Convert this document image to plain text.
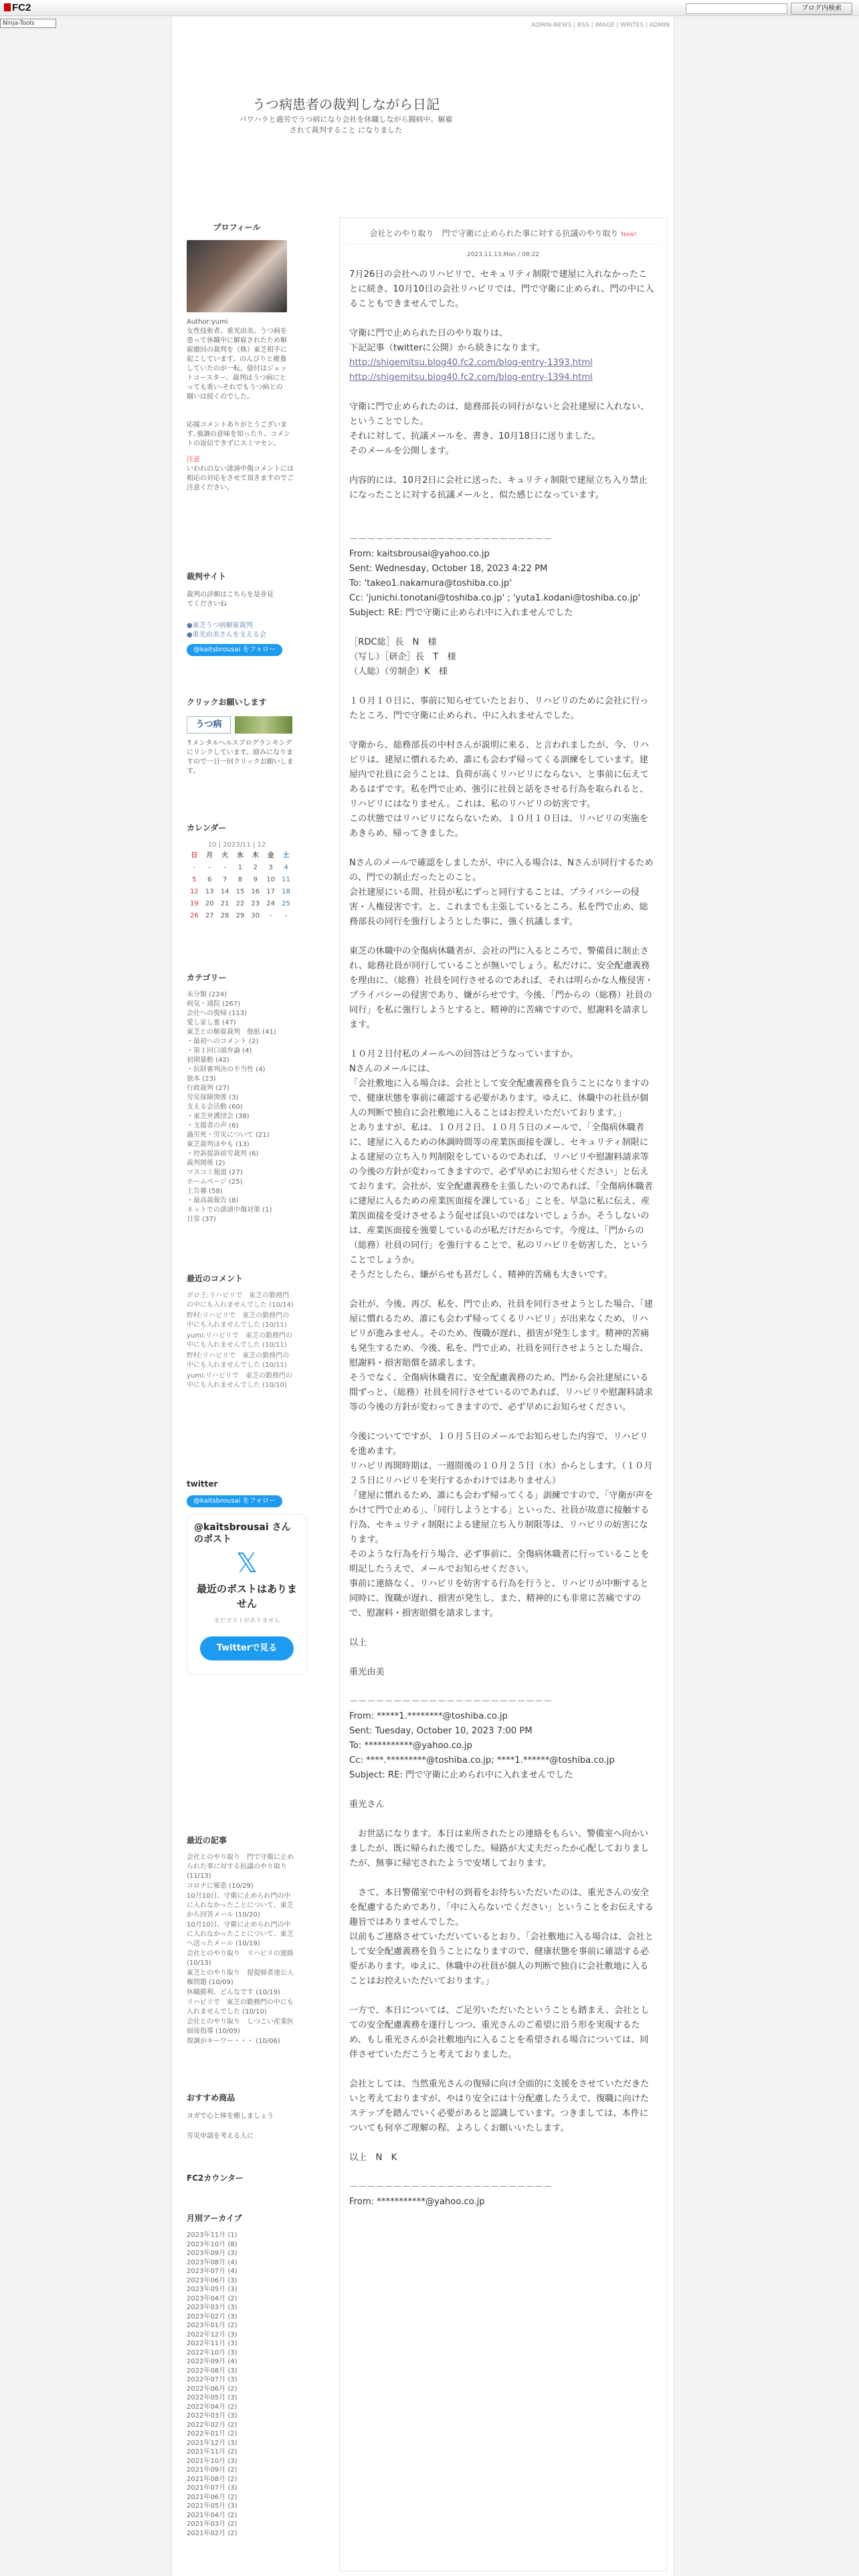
FC2	ブログ内検索
Ninja-Tools	ADMIN-NEWS | RSS | IMAGE | WRITES | ADMIN
うつ病患者の裁判しながら日記
パワハラと過労でうつ病になり会社を休職しながら闘病中。解雇されて裁判すること になりました
プロフィール
Author:yumi
女性技術者。重光由美。うつ病を患って休職中に解雇されたため解雇撤回の裁判を（株）東芝相手に起こしています。のんびりと療養していたのが一転、億付はジェットコースター。裁判はうつ病にとっても重い-それでもうつ病との闘いは続くのでした。
応援コメントありがとうございます｡強調の意味を知ったり、コメントの返信できずにスミマセン。
注意
いわれのない誹謗中傷コメントには相応の対応をさせて頂きますのでご注意ください。
裁判サイト
裁判の詳細はこちらを是非見てくださいね
●東芝うつ病解雇裁判
●重光由美さんを支える会
@kaitsbrousai をフォロー
クリックお願いします
うつ病
↑メンタルヘルスブログランキングにリンクしています。励みになりますので一日一回クリックお願いします。
カレンダー
10 | 2023/11 | 12
日	月	火	水	木	金	土
-	-	-	1	2	3	4
5	6	7	8	9	10	11
12	13	14	15	16	17	18
19	20	21	22	23	24	25
26	27	28	29	30	-	-
カテゴリー
未分類 (224)
病気・通院 (267)
会社への復帰 (113)
愛し家し蜜 (47)
東芝との解雇裁判　他紙 (41)
・最初へのコメント (2)
・第１回口頭弁論 (4)
初期暴動 (42)
・抗財審判決の不当性 (4)
旅本 (23)
行政裁判 (27)
労災保険関係 (3)
支える会活動 (60)
・東芝弁護団会 (38)
・支援者の声 (6)
過労死・労災について (21)
東芝裁判ほやも (13)
・控訴提訴前労裁判 (6)
裁判関係 (2)
マスコミ報道 (27)
ホームページ (25)
上告審 (58)
・最高裁報告 (8)
ネットでの誹謗中傷対策 (1)
日常 (37)
最近のコメント
ボロ王:リハビリで　東芝の勤務門の中にも入れませんでした (10/14)
野村:リハビリで　東芝の勤務門の中にも入れませんでした (10/11)
yumi:リハビリで　東芝の勤務門の中にも入れませんでした (10/11)
野村:リハビリで　東芝の勤務門の中にも入れませんでした (10/11)
yumi:リハビリで　東芝の勤務門の中にも入れませんでした (10/10)
twitter
@kaitsbrousai をフォロー
@kaitsbrousai さんのポスト
𝕏
最近のポストはありません
まだポストがありません
Twitterで見る
最近の記事
会社とのやり取り　門で守衛に止められた事に対する抗議のやり取り (11/13)
コロナに罹患 (10/29)
10月10日、守衛に止められ門の中に入れなかったことについて、東芝から回答メール (10/20)
10月10日、守衛に止められ門の中に入れなかったことについて、東芝へ送ったメール (10/19)
会社とのやり取り　リハビリの連絡 (10/13)
東芝とのやり取り　提提締者達公人権問題 (10/09)
休職勝利、どんなです (10/19)
リハビリで　東芝の勤務門の中にも入れませんでした (10/10)
会社とのやり取り　しつこい産業医面接指導 (10/09)
復調がキーワー・・・ (10/06)
おすすめ商品
ヨガで心と体を癒しましょう
労災申請を考える人に
FC2カウンター
月別アーカイブ
2023年11月 (1)
2023年10月 (8)
2023年09月 (3)
2023年08月 (4)
2023年07月 (4)
2023年06月 (3)
2023年05月 (3)
2023年04月 (2)
2023年03月 (3)
2023年02月 (3)
2023年01月 (2)
2022年12月 (3)
2022年11月 (3)
2022年10月 (3)
2022年09月 (4)
2022年08月 (3)
2022年07月 (3)
2022年06月 (2)
2022年05月 (3)
2022年04月 (2)
2022年03月 (3)
2022年02月 (2)
2022年01月 (2)
2021年12月 (3)
2021年11月 (2)
2021年10月 (3)
2021年09月 (2)
2021年08月 (2)
2021年07月 (3)
2021年06月 (2)
2021年05月 (3)
2021年04月 (2)
2021年03月 (2)
2021年02月 (2)
会社とのやり取り　門で守衛に止められた事に対する抗議のやり取り New!
2023.11.13.Mon / 08:22

7月26日の会社へのリハビリで、セキュリティ制限で建屋に入れなかったことに続き、10月10日の会社リハビリでは、門で守衛に止められ、門の中に入ることもできませんでした。

守衛に門で止められた日のやり取りは、
下記記事（twitterに公開）から続きになります。
http://shigemitsu.blog40.fc2.com/blog-entry-1393.html
http://shigemitsu.blog40.fc2.com/blog-entry-1394.html

守衛に門で止められたのは、総務部長の同行がないと会社建屋に入れない、ということでした。
それに対して、抗議メールを、書き、10月18日に送りました。
そのメールを公開します。

内容的には、10月2日に会社に送った、キュリティ制限で建屋立ち入り禁止になったことに対する抗議メールと、似た感じになっています。

－－－－－－－－－－－－－－－－－－－－－－－

From: kaitsbrousai@yahoo.co.jp
Sent: Wednesday, October 18, 2023 4:22 PM
To: 'takeo1.nakamura@toshiba.co.jp'
Cc: 'junichi.tonotani@toshiba.co.jp' ; 'yuta1.kodani@toshiba.co.jp'
Subject: RE: 門で守衛に止められ中に入れませんでした

［RDC総］長　N　様
（写し）［研企］長　T　様
（人総）（労制企）K　様

１０月１０日に、事前に知らせていたとおり、リハビリのために会社に行ったところ、門で守衛に止められ、中に入れませんでした。

守衛から、総務部長の中村さんが説明に来る、と言われましたが、今、リハビリは、建屋に慣れるため、誰にも会わず帰ってくる訓練をしています。建屋内で社員に会うことは、負荷が高くリハビリにならない、と事前に伝えてあるはずです。私を門で止め、強引に社員と話をさせる行為を取られると、リハビリにはなりません。これは、私のリハビリの妨害です。
この状態ではリハビリにならないため、１０月１０日は、リハビリの実施をあきらめ、帰ってきました。

Nさんのメールで確認をしましたが、中に入る場合は、Nさんが同行するための、門での制止だったとのこと。
会社建屋にいる間、社員が私にずっと同行することは、プライバシーの侵害・人権侵害です。と、これまでも主張しているところ。私を門で止め、総務部長の同行を強行しようとした事に、強く抗議します。

東芝の休職中の全傷病休職者が、会社の門に入るところで、警備員に制止され、総務社員が同行していることが無いでしょう。私だけに、安全配慮義務を理由に、（総務）社員を同行させるのであれば、それは明らかな人権侵害・プライバシーの侵害であり、嫌がらせです。今後、「門からの（総務）社員の同行」を私に強行しようとすると、精神的に苦痛ですので、慰謝料を請求します。

１０月２日付私のメールへの回答はどうなっていますか。
Nさんのメールには、
「会社敷地に入る場合は、会社として安全配慮義務を負うことになりますので、健康状態を事前に確認する必要があります。ゆえに、休職中の社員が個人の判断で独自に会社敷地に入ることはお控えいただいております。」
とありますが、私は、１０月２日、１０月５日のメールで、「全傷病休職者に、建屋に入るための休調時間等の産業医面接を課し、セキュリティ制限による建屋の立ち入り判制限をしているのであれば、リハビリや慰謝料請求等の今後の方針が変わってきますので、必ず早めにお知らせください」と伝えております。会社が、安全配慮義務を主張したいのであれば、「全傷病休職者に建屋に入るための産業医面接を課している」ことを、早急に私に伝え、産業医面接を受けさせるよう促せば良いのではないでしょうか。そうしないのは、産業医面接を強要しているのが私だけだからです。今度は、「門からの（総務）社員の同行」を強行することで、私のリハビリを妨害した、ということでしょうか。
そうだとしたら、嫌がらせも甚だしく、精神的苦痛も大きいです。

会社が、今後、再び、私を、門で止め、社員を同行させようとした場合、「建屋に慣れるため、誰にも会わず帰ってくるリハビリ」が出来なくため、リハビリが進みません。そのため、復職が遅れ、損害が発生します。精神的苦痛も発生するため、今後、私を、門で止め、社員を同行させようとした場合、慰謝料・損害賠償を請求します。
そうでなく、全傷病休職者に、安全配慮義務のため、門から会社建屋にいる間ずっと、（総務）社員を同行させているのであれば、リハビリや慰謝料請求等の今後の方針が変わってきますので、必ず早めにお知らせください。

今後についてですが、１０月５日のメールでお知らせした内容で、リハビリを進めます。
リハビリ再開時期は、一週間後の１０月２５日（水）からとします。（１０月２５日にリハビリを実行するかわけではありません）
「建屋に慣れるため、誰にも会わず帰ってくる」訓練ですので、「守衛が声をかけて門で止める」、「同行しようとする」といった、社員が故意に接触する行為、セキュリティ制限による建屋立ち入り制限等は、リハビリの妨害になります。
そのような行為を行う場合、必ず事前に、全傷病休職者に行っていることを明記したうえで、メールでお知らせください。
事前に連絡なく、リハビリを妨害する行為を行うと、リハビリが中断すると同時に、復職が遅れ、損害が発生し、また、精神的にも非常に苦痛ですので、慰謝料・損害賠償を請求します。

以上

重光由美

－－－－－－－－－－－－－－－－－－－－－－－

From: *****1.********@toshiba.co.jp
Sent: Tuesday, October 10, 2023 7:00 PM
To: ***********@yahoo.co.jp
Cc: ****.*********@toshiba.co.jp; ****1.******@toshiba.co.jp
Subject: RE: 門で守衛に止められ中に入れませんでした

重光さん

　お世話になります。本日は来所されたとの連絡をもらい、警備室へ向かいましたが、既に帰られた後でした。帰路が大丈夫だったか心配しておりましたが、無事に帰宅されたようで安堵しております。

　さて、本日警備室で中村の到着をお待ちいただいたのは、重光さんの安全を配慮するためであり、「中に入らないでください」ということをお伝えする趣旨ではありませんでした。
以前もご連絡させていただいているとおり、「会社敷地に入る場合は、会社として安全配慮義務を負うことになりますので、健康状態を事前に確認する必要があります。ゆえに、休職中の社員が個人の判断で独自に会社敷地に入ることはお控えいただいております。」

一方で、本日については、ご足労いただいたということも踏まえ、会社としての安全配慮義務を遂行しつつ、重光さんのご希望に沿う形を実現するため、もし重光さんが会社敷地内に入ることを希望される場合については、同伴させていただこうと考えておりました。

会社としては、当然重光さんの復帰に向け全面的に支援をさせていただきたいと考えておりますが、やはり安全には十分配慮したうえで、復職に向けたステップを踏んでいく必要があると認識しています。つきましては、本件についても何卒ご理解の程、よろしくお願いいたします。

以上　N　K

－－－－－－－－－－－－－－－－－－－－－－－
From: ***********@yahoo.co.jp
